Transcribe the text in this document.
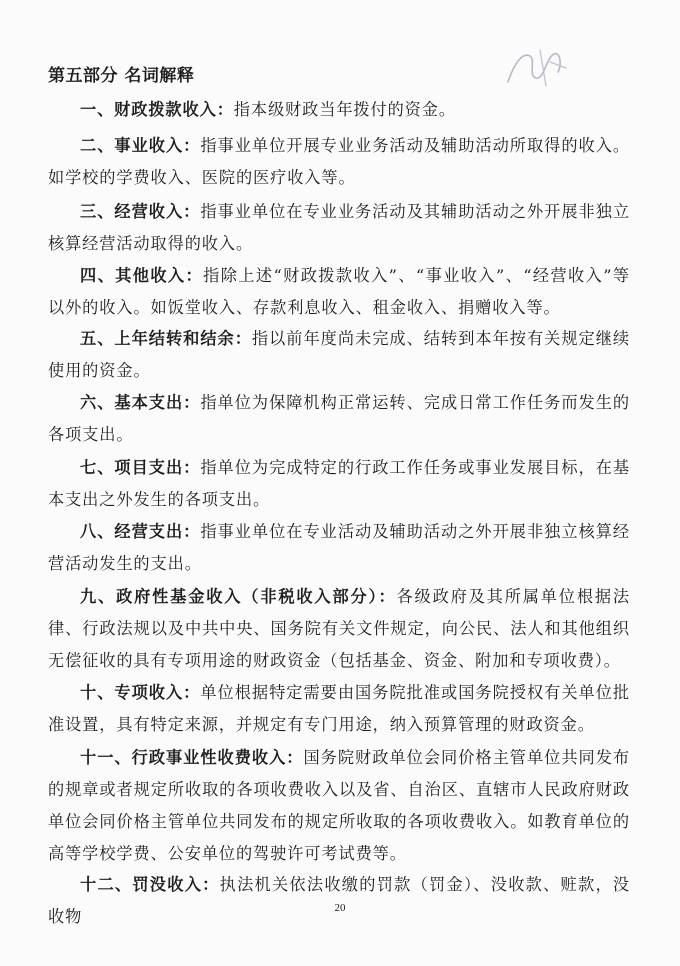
第五部分 名词解释

一、财政拨款收入：指本级财政当年拨付的资金。

二、事业收入：指事业单位开展专业业务活动及辅助活动所取得的收入。如学校的学费收入、医院的医疗收入等。

三、经营收入：指事业单位在专业业务活动及其辅助活动之外开展非独立核算经营活动取得的收入。

四、其他收入：指除上述“财政拨款收入”、“事业收入”、“经营收入”等以外的收入。如饭堂收入、存款利息收入、租金收入、捐赠收入等。

五、上年结转和结余：指以前年度尚未完成、结转到本年按有关规定继续使用的资金。

六、基本支出：指单位为保障机构正常运转、完成日常工作任务而发生的各项支出。

七、项目支出：指单位为完成特定的行政工作任务或事业发展目标，在基本支出之外发生的各项支出。

八、经营支出：指事业单位在专业活动及辅助活动之外开展非独立核算经营活动发生的支出。

九、政府性基金收入（非税收入部分）：各级政府及其所属单位根据法律、行政法规以及中共中央、国务院有关文件规定，向公民、法人和其他组织无偿征收的具有专项用途的财政资金（包括基金、资金、附加和专项收费）。

十、专项收入：单位根据特定需要由国务院批准或国务院授权有关单位批准设置，具有特定来源，并规定有专门用途，纳入预算管理的财政资金。

十一、行政事业性收费收入：国务院财政单位会同价格主管单位共同发布的规章或者规定所收取的各项收费收入以及省、自治区、直辖市人民政府财政单位会同价格主管单位共同发布的规定所收取的各项收费收入。如教育单位的高等学校学费、公安单位的驾驶许可考试费等。

十二、罚没收入：执法机关依法收缴的罚款（罚金）、没收款、赃款，没收物	20
